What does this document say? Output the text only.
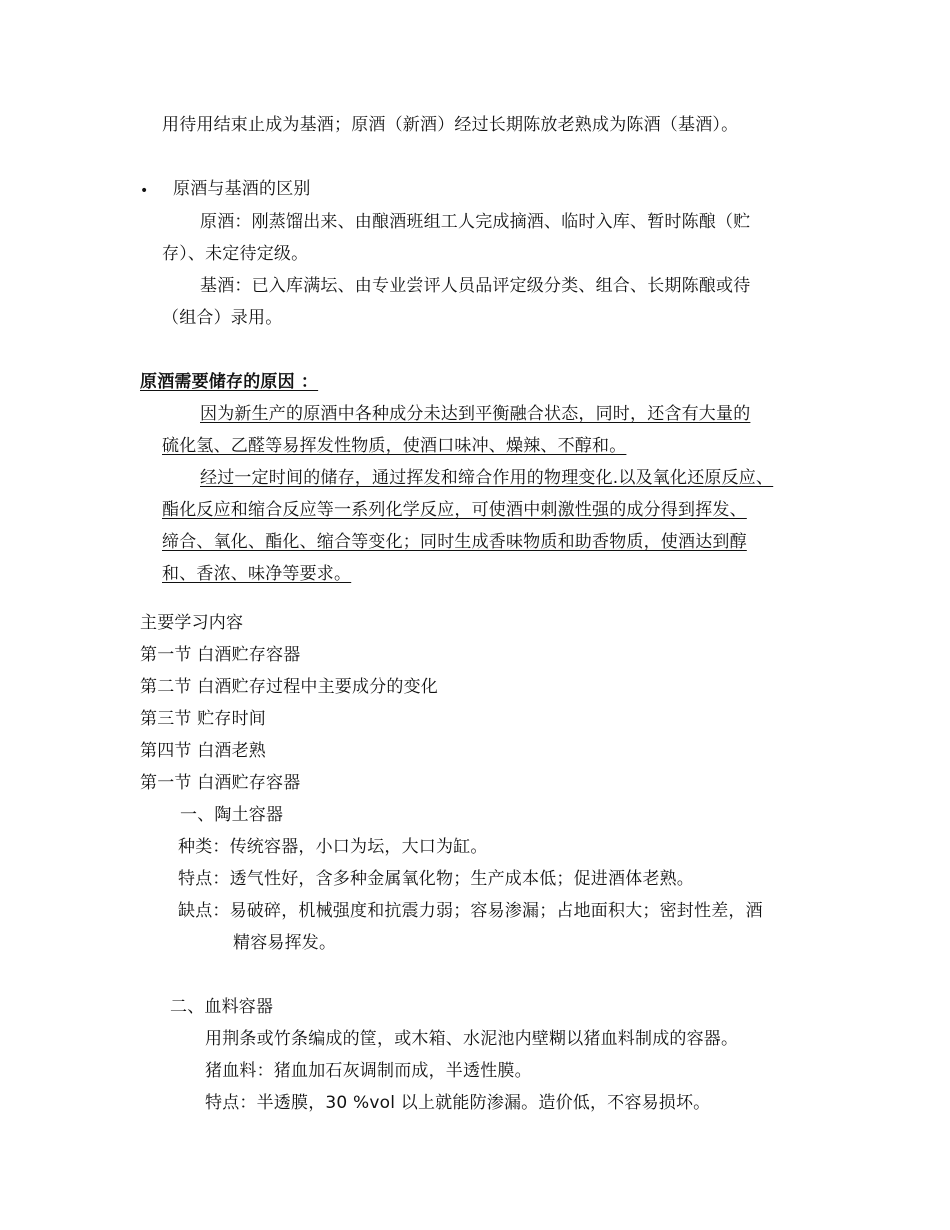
用待用结束止成为基酒；原酒（新酒）经过长期陈放老熟成为陈酒（基酒）。
• 原酒与基酒的区别
原酒：刚蒸馏出来、由酿酒班组工人完成摘酒、临时入库、暂时陈酿（贮
存）、未定待定级。
基酒：已入库满坛、由专业尝评人员品评定级分类、组合、长期陈酿或待
（组合）录用。
原酒需要储存的原因 ：
因为新生产的原酒中各种成分未达到平衡融合状态，同时，还含有大量的
硫化氢、乙醛等易挥发性物质，使酒口味冲、燥辣、不醇和。
经过一定时间的储存，通过挥发和缔合作用的物理变化.以及氧化还原反应、
酯化反应和缩合反应等一系列化学反应，可使酒中刺激性强的成分得到挥发、
缔合、氧化、酯化、缩合等变化；同时生成香味物质和助香物质，使酒达到醇
和、香浓、味净等要求。
主要学习内容
第一节 白酒贮存容器
第二节 白酒贮存过程中主要成分的变化
第三节 贮存时间
第四节 白酒老熟
第一节 白酒贮存容器
一、陶土容器
种类：传统容器，小口为坛，大口为缸。
特点：透气性好，含多种金属氧化物；生产成本低；促进酒体老熟。
缺点：易破碎，机械强度和抗震力弱；容易渗漏；占地面积大；密封性差，酒
精容易挥发。
二、血料容器
用荆条或竹条编成的筐，或木箱、水泥池内壁糊以猪血料制成的容器。
猪血料：猪血加石灰调制而成，半透性膜。
特点：半透膜，30 %vol 以上就能防渗漏。造价低，不容易损坏。
